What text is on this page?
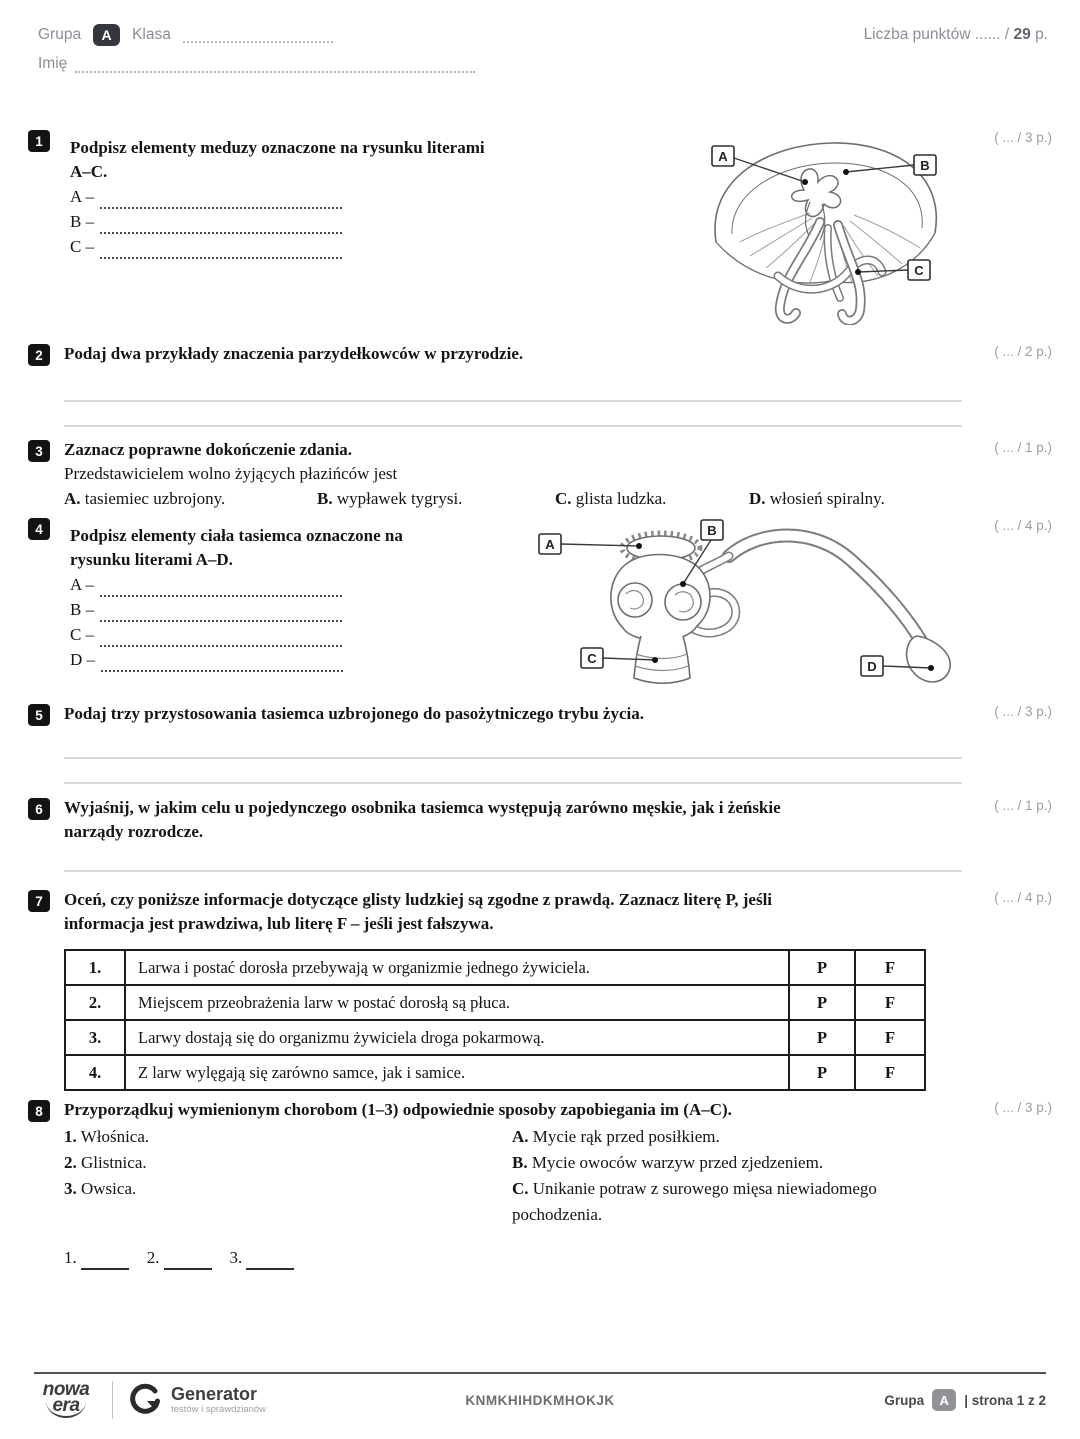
Grupa	A	Klasa	Liczba punktów ...... / 29 p.
Imię
1	Podpisz elementy meduzy oznaczone na rysunku literami
A–C.
A –
B –
C –
( ... / 3 p.)
A
B
C
2	Podaj dwa przykłady znaczenia parzydełkowców w przyrodzie.	( ... / 2 p.)
3	Zaznacz poprawne dokończenie zdania.
Przedstawicielem wolno żyjących płazińców jest
A. tasiemiec uzbrojony.	B. wypławek tygrysi.	C. glista ludzka.	D. włosień spiralny.
( ... / 1 p.)
4	Podpisz elementy ciała tasiemca oznaczone na
rysunku literami A–D.
A –
B –
C –
D –
( ... / 4 p.)
A
B
C
D
5	Podaj trzy przystosowania tasiemca uzbrojonego do pasożytniczego trybu życia.	( ... / 3 p.)
6	Wyjaśnij, w jakim celu u pojedynczego osobnika tasiemca występują zarówno męskie, jak i żeńskie
narządy rozrodcze.
( ... / 1 p.)
7	Oceń, czy poniższe informacje dotyczące glisty ludzkiej są zgodne z prawdą. Zaznacz literę P, jeśli
informacja jest prawdziwa, lub literę F – jeśli jest fałszywa.
1.	Larwa i postać dorosła przebywają w organizmie jednego żywiciela.	P	F
2.	Miejscem przeobrażenia larw w postać dorosłą są płuca.	P	F
3.	Larwy dostają się do organizmu żywiciela droga pokarmową.	P	F
4.	Z larw wylęgają się zarówno samce, jak i samice.	P	F
( ... / 4 p.)
8	Przyporządkuj wymienionym chorobom (1–3) odpowiednie sposoby zapobiegania im (A–C).
1. Włośnica.
2. Glistnica.
3. Owsica.
A. Mycie rąk przed posiłkiem.
B. Mycie owoców warzyw przed zjedzeniem.
C. Unikanie potraw z surowego mięsa niewiadomego pochodzenia.
1.	2.	3.
( ... / 3 p.)
KNMKHIHDKMHOKJK
nowa
era
Generator
testów i sprawdzianów
Grupa	A	| strona 1 z 2
